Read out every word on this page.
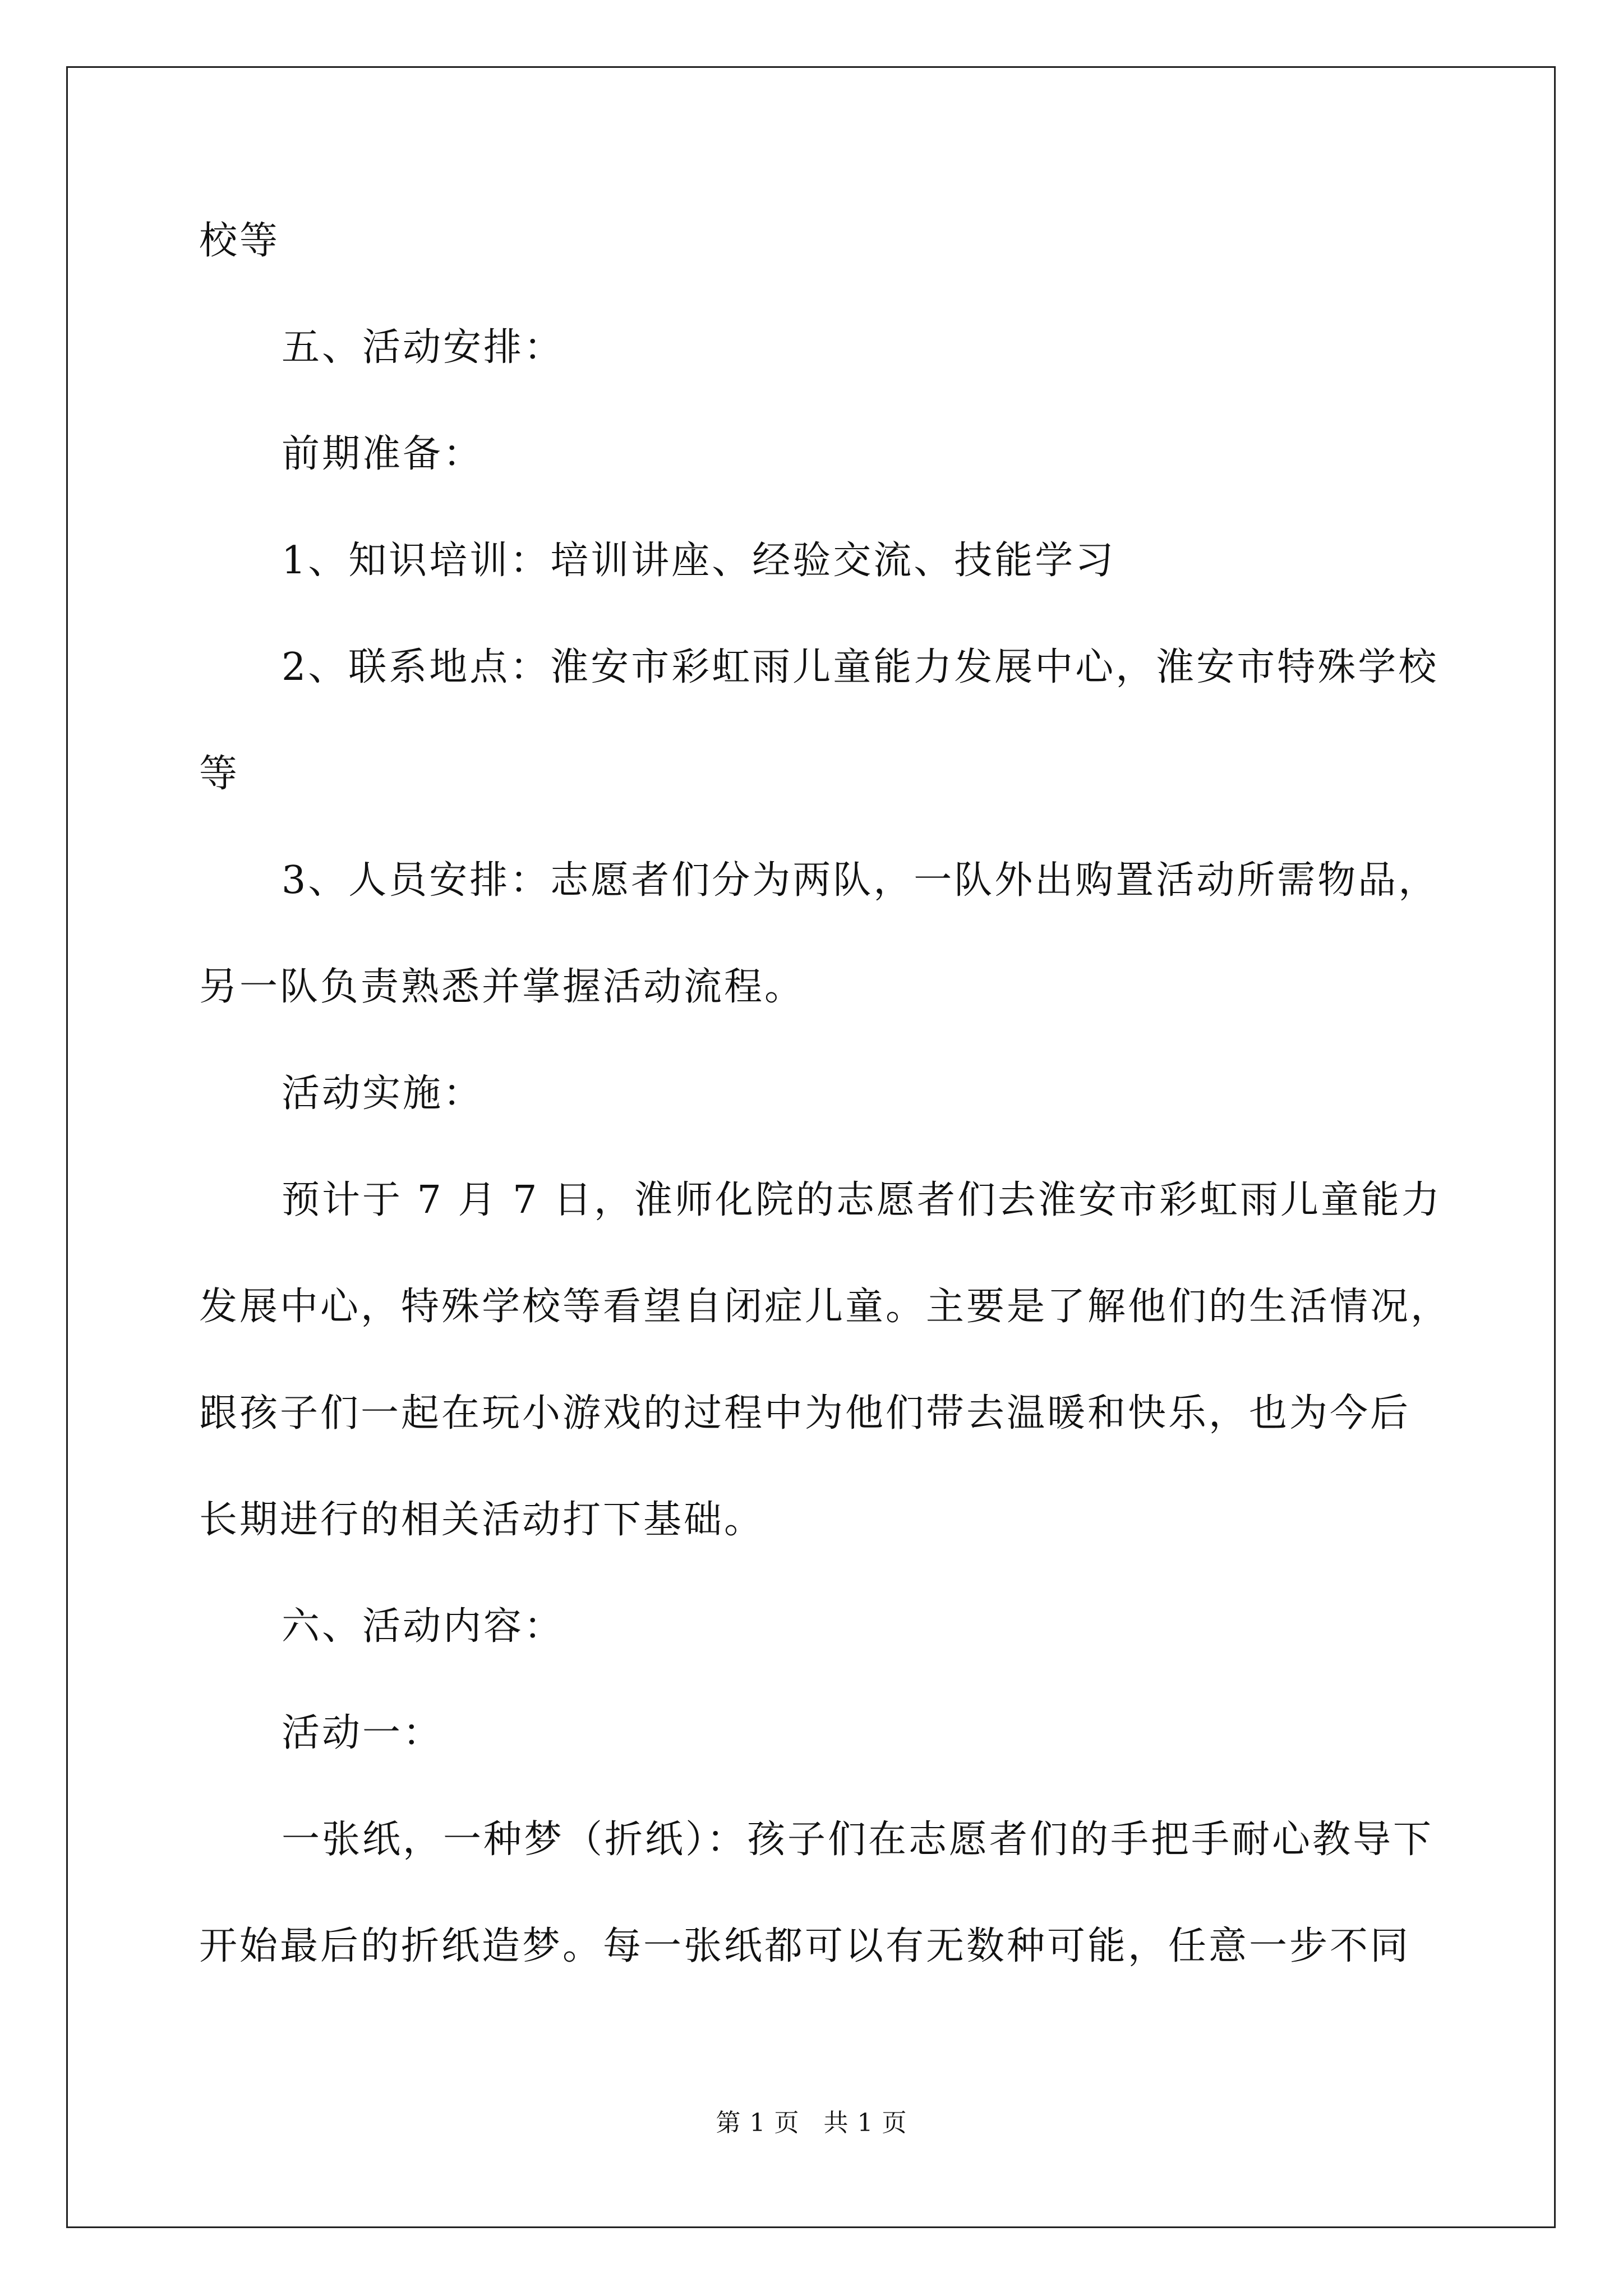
校等
五、活动安排：
前期准备：
1、知识培训：培训讲座、经验交流、技能学习
2、联系地点：淮安市彩虹雨儿童能力发展中心，淮安市特殊学校
等
3、人员安排：志愿者们分为两队，一队外出购置活动所需物品，
另一队负责熟悉并掌握活动流程。
活动实施：
预计于 7 月 7 日，淮师化院的志愿者们去淮安市彩虹雨儿童能力
发展中心，特殊学校等看望自闭症儿童。主要是了解他们的生活情况，
跟孩子们一起在玩小游戏的过程中为他们带去温暖和快乐，也为今后
长期进行的相关活动打下基础。
六、活动内容：
活动一：
一张纸，一种梦（折纸）：孩子们在志愿者们的手把手耐心教导下
开始最后的折纸造梦。每一张纸都可以有无数种可能，任意一步不同
第 1 页 共 1 页
